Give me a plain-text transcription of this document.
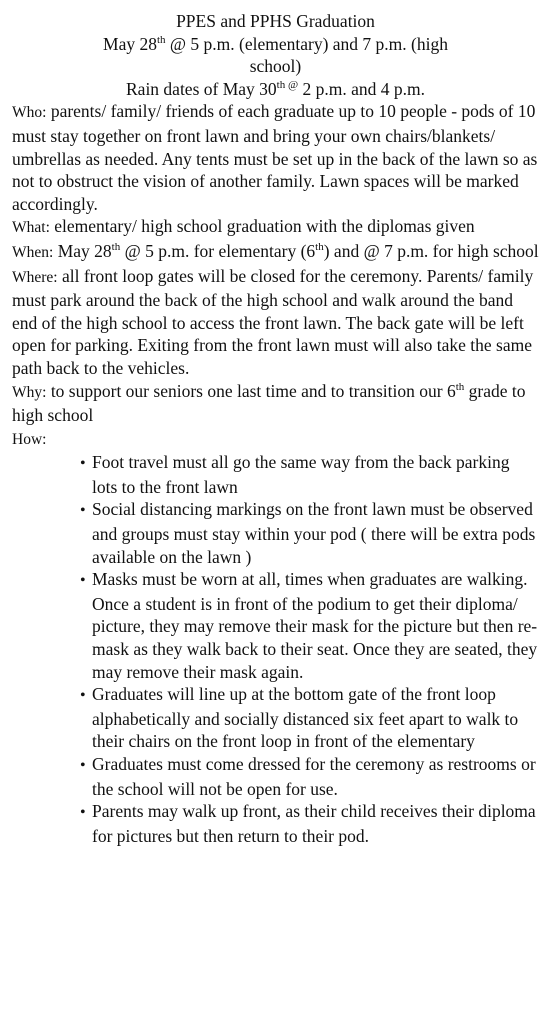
PPES and PPHS Graduation
May 28th @ 5 p.m. (elementary) and 7 p.m. (high
school)
Rain dates of May $30^{th @}$ 2 p.m. and 4 p.m.

Who: parents/ family/ friends of each graduate up to 10 people - pods of 10 must stay together on front lawn and bring your own chairs/blankets/ umbrellas as needed. Any tents must be set up in the back of the lawn so as not to obstruct the vision of another family. Lawn spaces will be marked accordingly.

What: elementary/ high school graduation with the diplomas given

When: May 28th @ 5 p.m. for elementary (6th) and @ 7 p.m. for high school

Where: all front loop gates will be closed for the ceremony. Parents/ family must park around the back of the high school and walk around the band end of the high school to access the front lawn. The back gate will be left open for parking. Exiting from the front lawn must will also take the same path back to the vehicles.

Why: to support our seniors one last time and to transition our 6th grade to high school

How:

• Foot travel must all go the same way from the back parking lots to the front lawn
• Social distancing markings on the front lawn must be observed and groups must stay within your pod ( there will be extra pods available on the lawn )
• Masks must be worn at all, times when graduates are walking. Once a student is in front of the podium to get their diploma/ picture, they may remove their mask for the picture but then re-mask as they walk back to their seat. Once they are seated, they may remove their mask again.
• Graduates will line up at the bottom gate of the front loop alphabetically and socially distanced six feet apart to walk to their chairs on the front loop in front of the elementary
• Graduates must come dressed for the ceremony as restrooms or the school will not be open for use.
• Parents may walk up front, as their child receives their diploma for pictures but then return to their pod.
